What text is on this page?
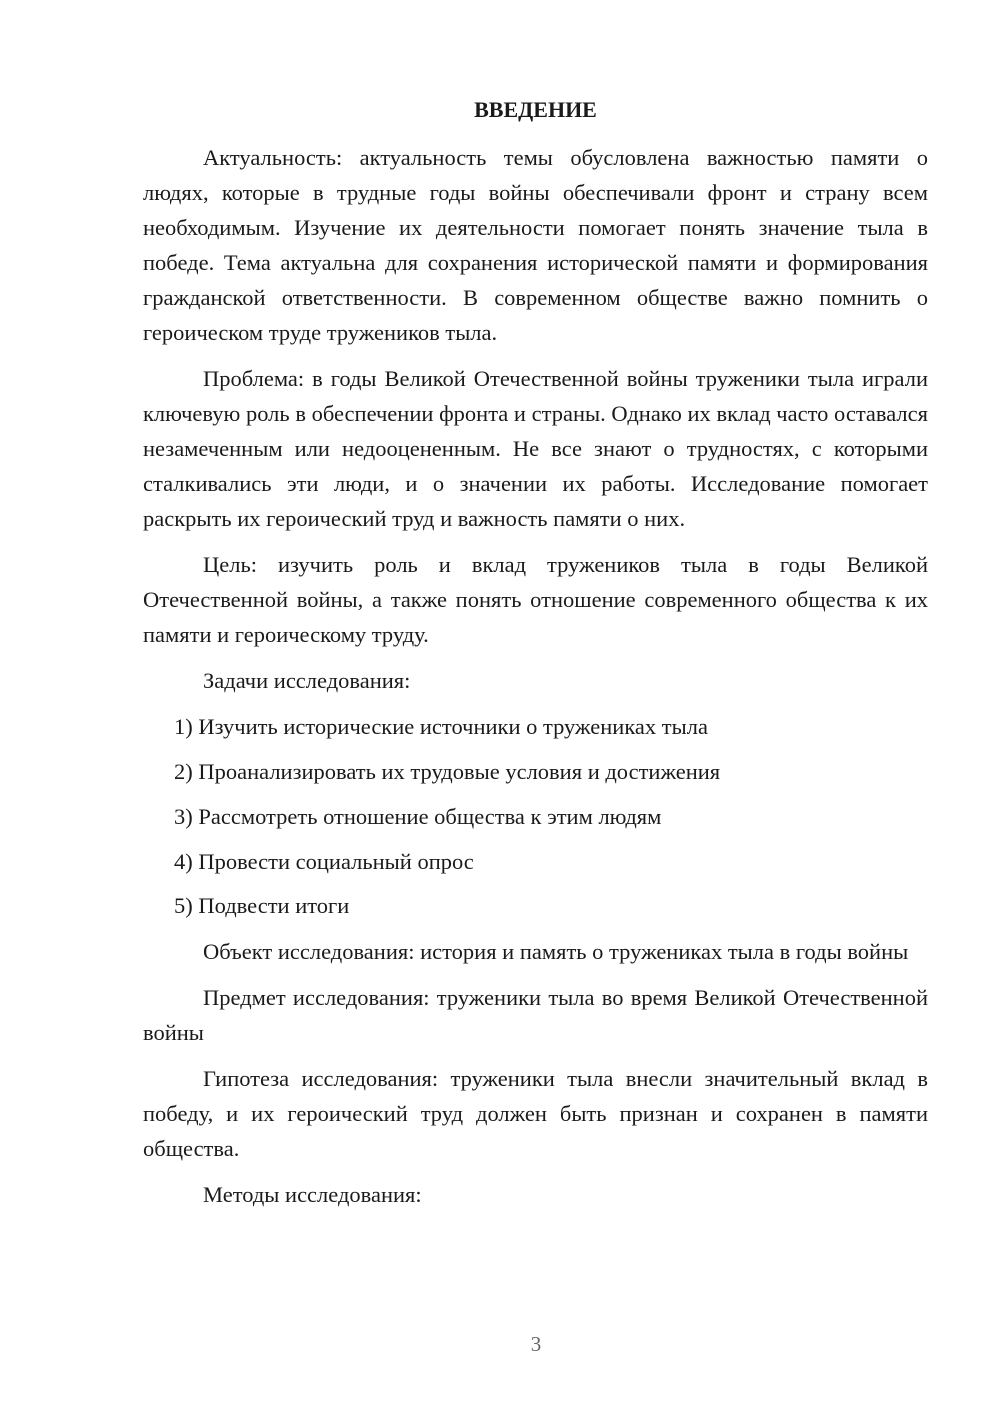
ВВЕДЕНИЕ

Актуальность: актуальность темы обусловлена важностью памяти о людях, которые в трудные годы войны обеспечивали фронт и страну всем необходимым. Изучение их деятельности помогает понять значение тыла в победе. Тема актуальна для сохранения исторической памяти и формирования гражданской ответственности. В современном обществе важно помнить о героическом труде тружеников тыла.

Проблема: в годы Великой Отечественной войны труженики тыла играли ключевую роль в обеспечении фронта и страны. Однако их вклад часто оставался незамеченным или недооцененным. Не все знают о трудностях, с которыми сталкивались эти люди, и о значении их работы. Исследование помогает раскрыть их героический труд и важность памяти о них.

Цель: изучить роль и вклад тружеников тыла в годы Великой Отечественной войны, а также понять отношение современного общества к их памяти и героическому труду.

Задачи исследования:

1) Изучить исторические источники о тружениках тыла
2) Проанализировать их трудовые условия и достижения
3) Рассмотреть отношение общества к этим людям
4) Провести социальный опрос
5) Подвести итоги

Объект исследования: история и память о тружениках тыла в годы войны

Предмет исследования: труженики тыла во время Великой Отечественной войны

Гипотеза исследования: труженики тыла внесли значительный вклад в победу, и их героический труд должен быть признан и сохранен в памяти общества.

Методы исследования:

3
